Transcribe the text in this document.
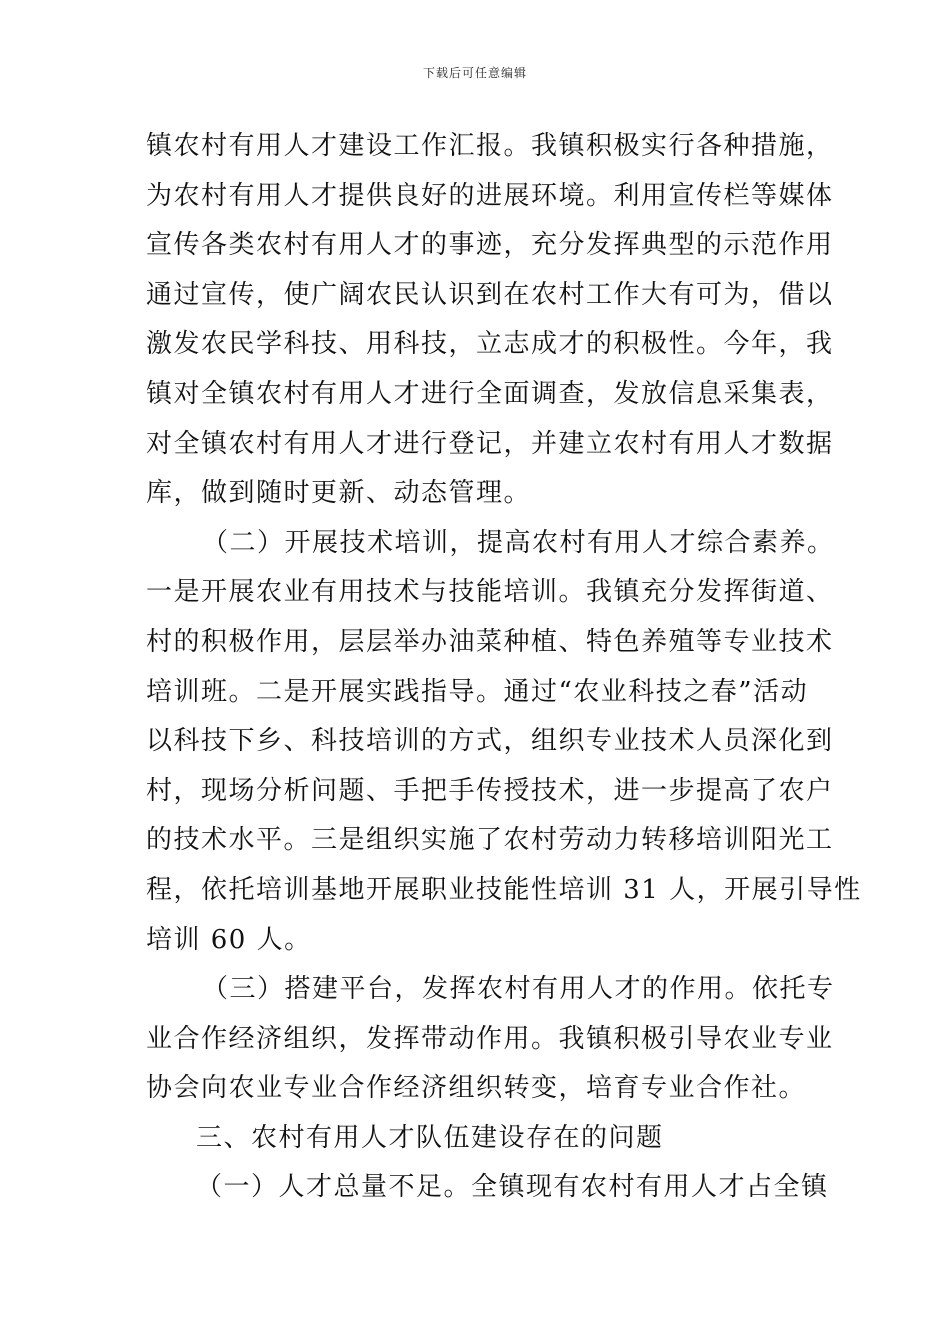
下载后可任意编辑
镇农村有用人才建设工作汇报。我镇积极实行各种措施，
为农村有用人才提供良好的进展环境。利用宣传栏等媒体
宣传各类农村有用人才的事迹，充分发挥典型的示范作用
通过宣传，使广阔农民认识到在农村工作大有可为，借以
激发农民学科技、用科技，立志成才的积极性。今年，我
镇对全镇农村有用人才进行全面调查，发放信息采集表，
对全镇农村有用人才进行登记，并建立农村有用人才数据
库，做到随时更新、动态管理。
（二）开展技术培训，提高农村有用人才综合素养。
一是开展农业有用技术与技能培训。我镇充分发挥街道、
村的积极作用，层层举办油菜种植、特色养殖等专业技术
培训班。二是开展实践指导。通过“农业科技之春”活动
以科技下乡、科技培训的方式，组织专业技术人员深化到
村，现场分析问题、手把手传授技术，进一步提高了农户
的技术水平。三是组织实施了农村劳动力转移培训阳光工
程，依托培训基地开展职业技能性培训 31 人，开展引导性
培训 60 人。
（三）搭建平台，发挥农村有用人才的作用。依托专
业合作经济组织，发挥带动作用。我镇积极引导农业专业
协会向农业专业合作经济组织转变，培育专业合作社。
三、农村有用人才队伍建设存在的问题
（一）人才总量不足。全镇现有农村有用人才占全镇
